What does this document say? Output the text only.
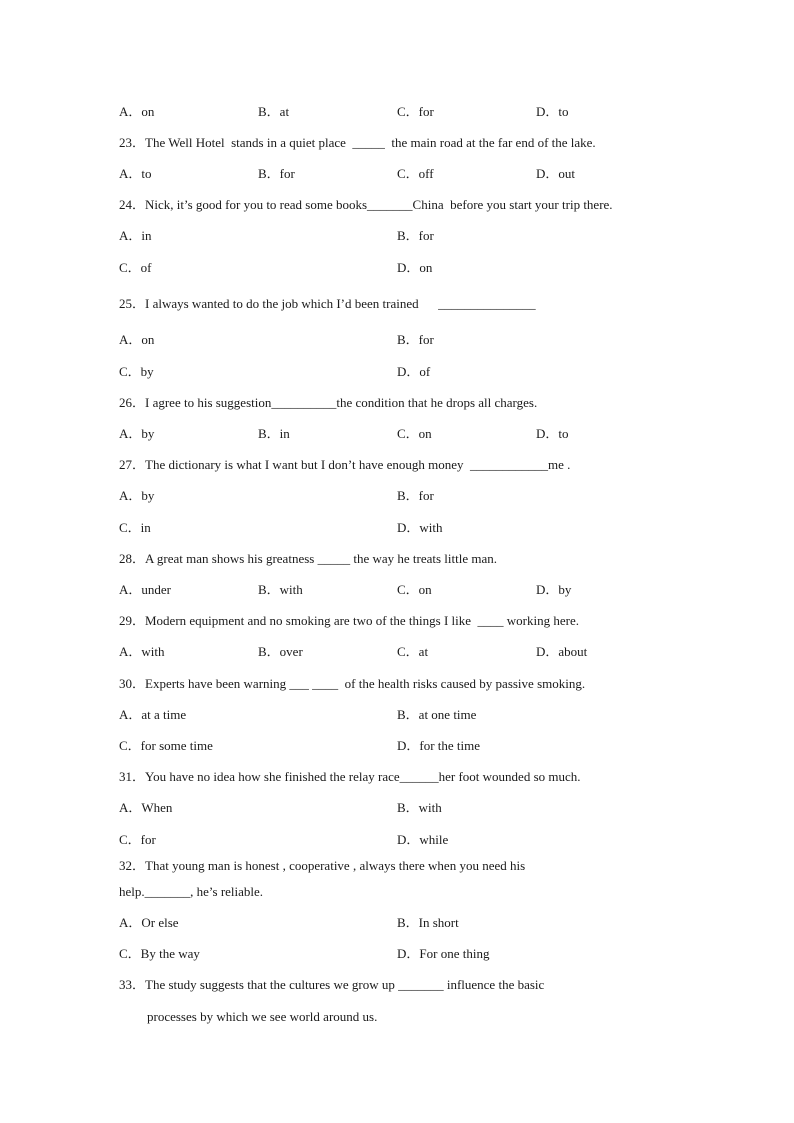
A．on	B．at	C．for	D．to
23．The Well Hotel  stands in a quiet place  _____  the main road at the far end of the lake.
A．to	B．for	C．off	D．out
24．Nick, it’s good for you to read some books_______China  before you start your trip there.
A．in	B．for
C．of	D．on
25．I always wanted to do the job which I’d been trained      _______________
A．on	B．for
C．by	D．of
26．I agree to his suggestion__________the condition that he drops all charges.
A．by	B．in	C．on	D．to
27．The dictionary is what I want but I don’t have enough money  ____________me .
A．by	B．for
C．in	D．with
28．A great man shows his greatness _____ the way he treats little man.
A．under	B．with	C．on	D．by
29．Modern equipment and no smoking are two of the things I like  ____ working here.
A．with	B．over	C．at	D．about
30．Experts have been warning ___ ____  of the health risks caused by passive smoking.
A．at a time	B．at one time
C．for some time	D．for the time
31．You have no idea how she finished the relay race______her foot wounded so much.
A．When	B．with
C．for	D．while
32．That young man is honest , cooperative , always there when you need his
help._______, he’s reliable.
A．Or else	B．In short
C．By the way	D．For one thing
33．The study suggests that the cultures we grow up _______ influence the basic
processes by which we see world around us.
